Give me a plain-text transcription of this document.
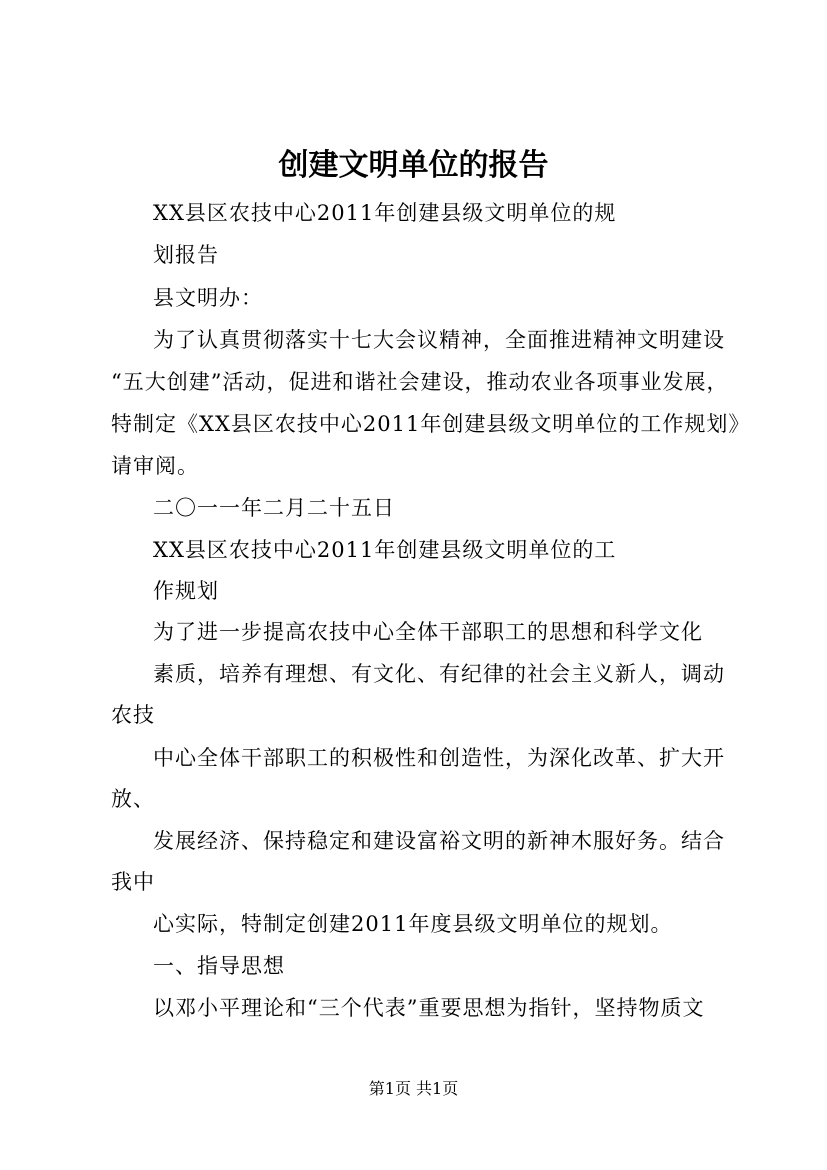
创建文明单位的报告
XX县区农技中心2011年创建县级文明单位的规
划报告
县文明办：
为了认真贯彻落实十七大会议精神，全面推进精神文明建设
“五大创建”活动，促进和谐社会建设，推动农业各项事业发展，
特制定《XX县区农技中心2011年创建县级文明单位的工作规划》
请审阅。
二〇一一年二月二十五日
XX县区农技中心2011年创建县级文明单位的工
作规划
为了进一步提高农技中心全体干部职工的思想和科学文化
素质，培养有理想、有文化、有纪律的社会主义新人，调动
农技
中心全体干部职工的积极性和创造性，为深化改革、扩大开
放、
发展经济、保持稳定和建设富裕文明的新神木服好务。结合
我中
心实际，特制定创建2011年度县级文明单位的规划。
一、指导思想
以邓小平理论和“三个代表”重要思想为指针，坚持物质文
第1页 共1页
